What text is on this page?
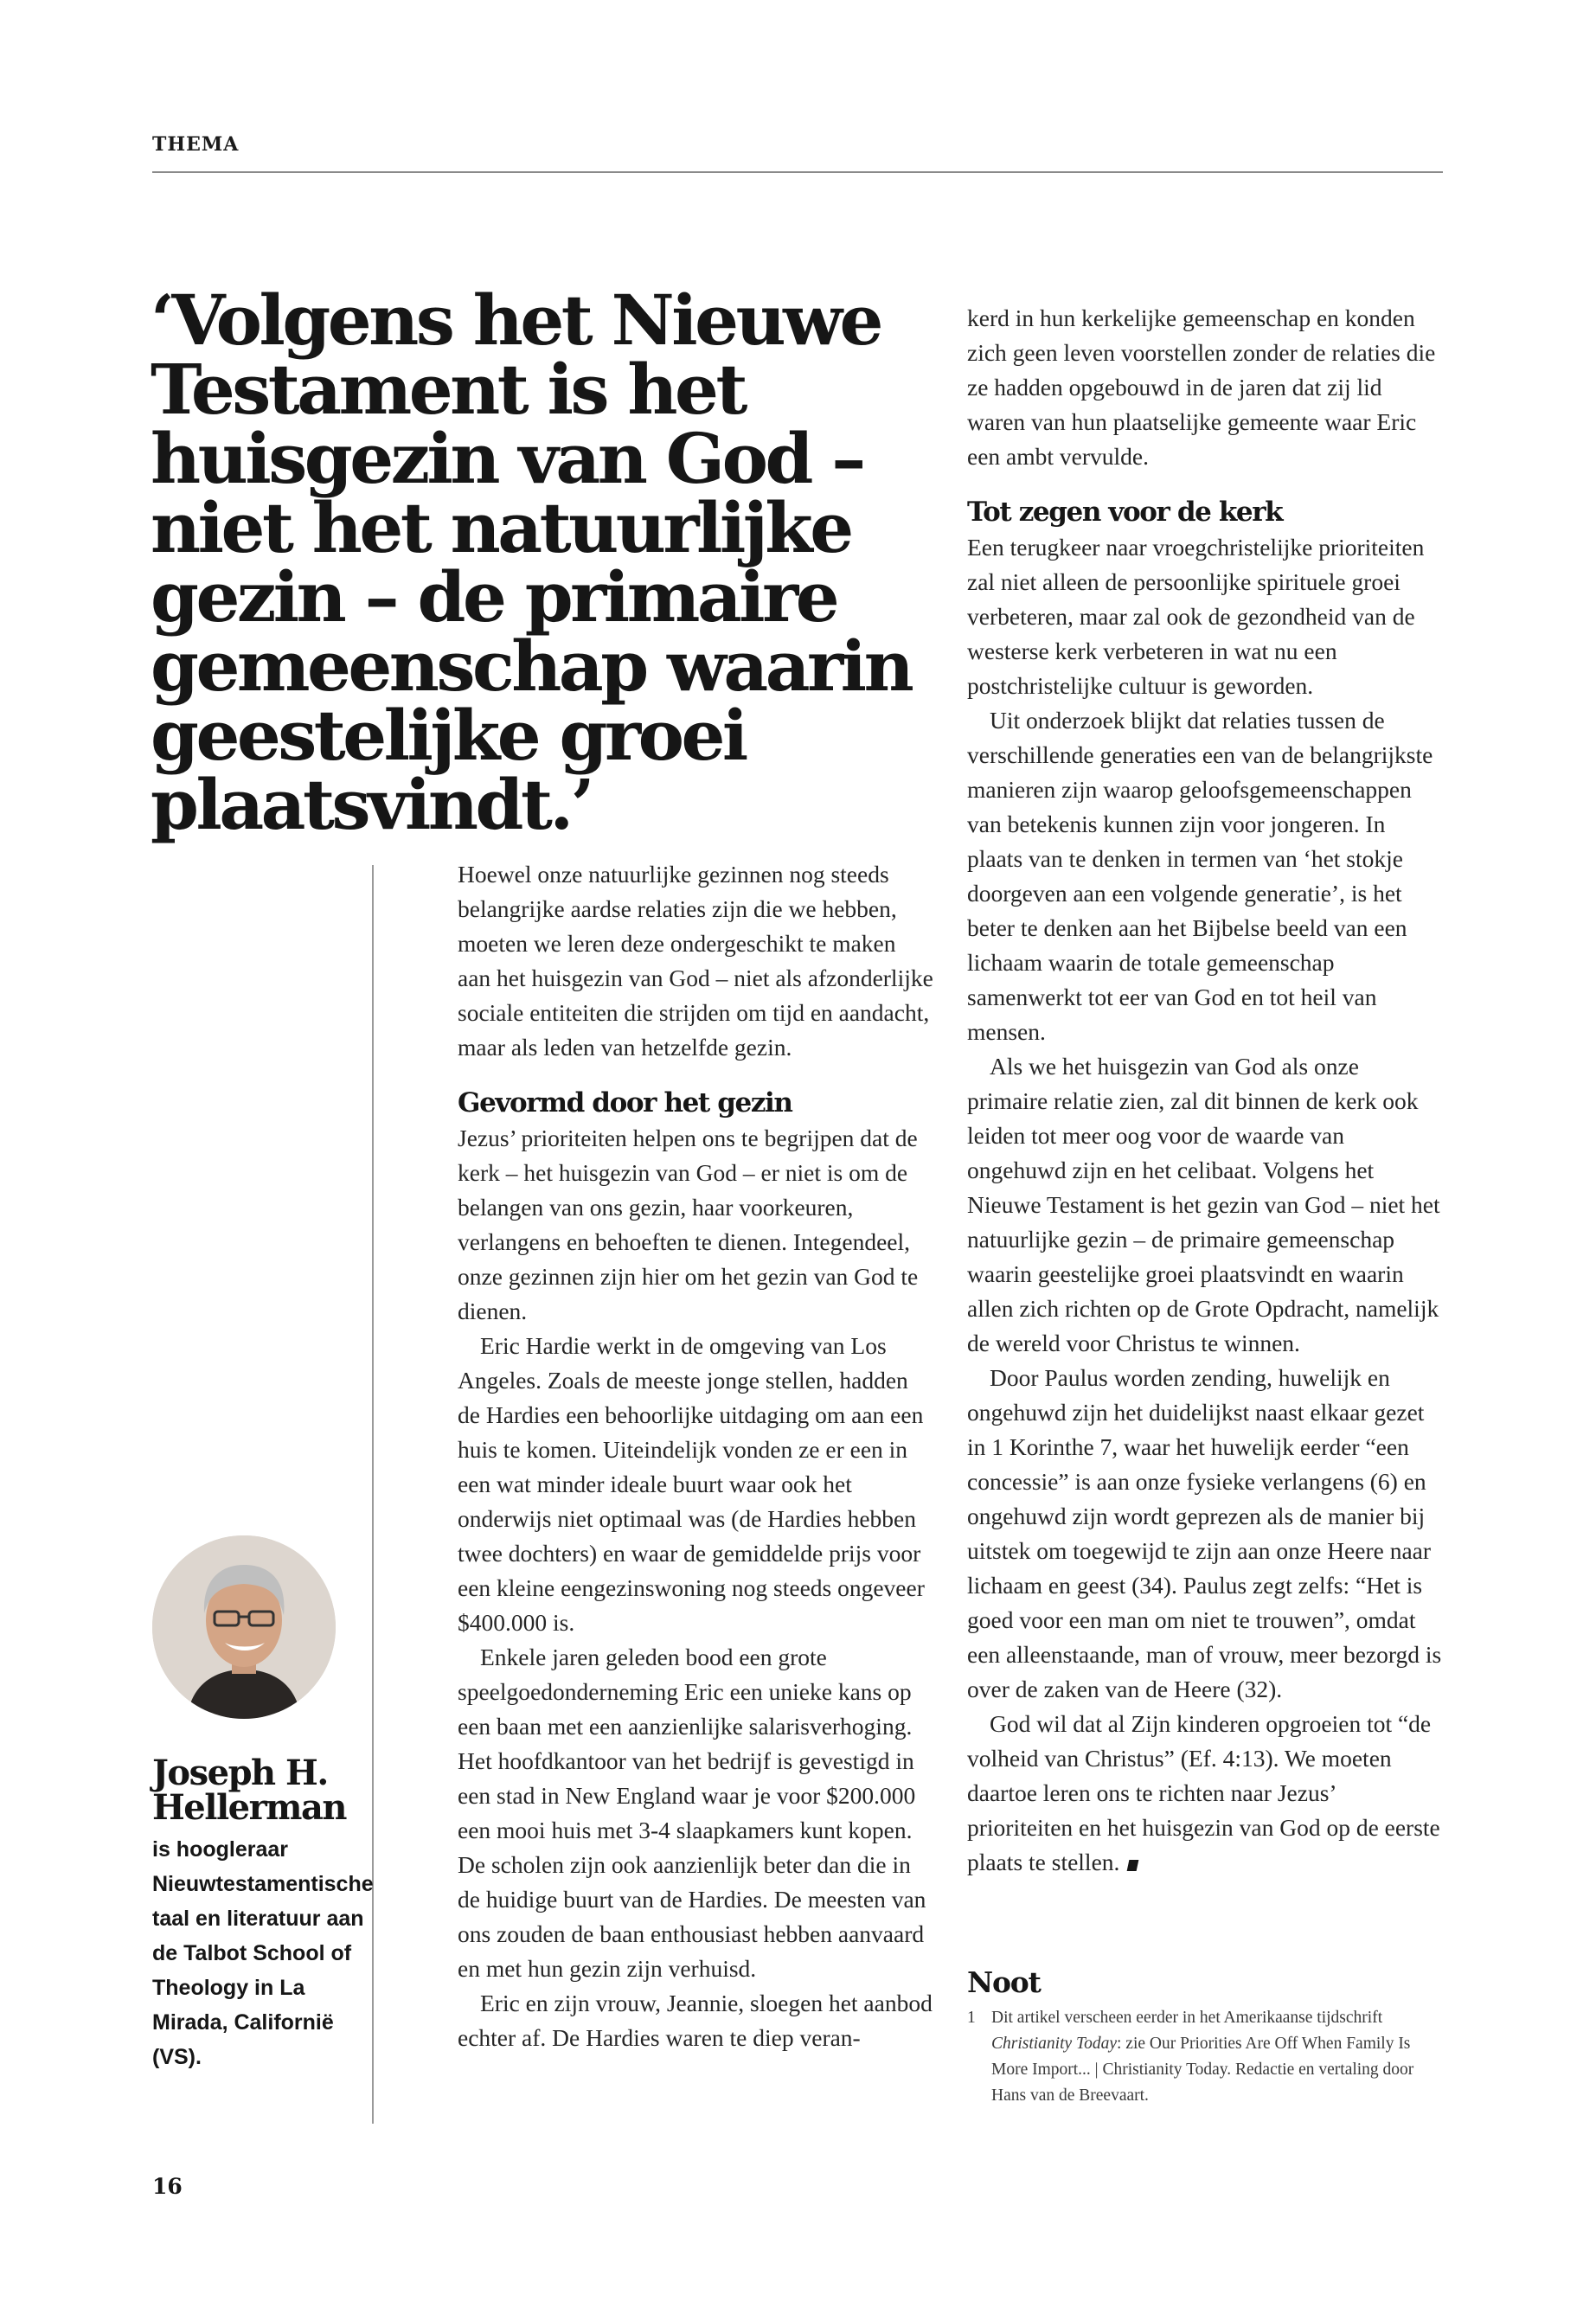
THEMA
‘Volgens het Nieuwe Testament is het huisgezin van God – niet het natuurlijke gezin – de primaire gemeenschap waarin geestelijke groei plaatsvindt.’
Joseph H.
Hellerman
is hoogleraar Nieuwtestamentische taal en literatuur aan de Talbot School of Theology in La Mirada, Californië (VS).

Hoewel onze natuurlijke gezinnen nog steeds belangrijke aardse relaties zijn die we hebben, moeten we leren deze ondergeschikt te maken aan het huisgezin van God – niet als afzonderlijke sociale entiteiten die strijden om tijd en aandacht, maar als leden van hetzelfde gezin.

Gevormd door het gezin

Jezus’ prioriteiten helpen ons te begrijpen dat de kerk – het huisgezin van God – er niet is om de belangen van ons gezin, haar voorkeuren, verlangens en behoeften te dienen. Integendeel, onze gezinnen zijn hier om het gezin van God te dienen.

Eric Hardie werkt in de omgeving van Los Angeles. Zoals de meeste jonge stellen, hadden de Hardies een behoorlijke uitdaging om aan een huis te komen. Uiteindelijk vonden ze er een in een wat minder ideale buurt waar ook het onderwijs niet optimaal was (de Hardies hebben twee dochters) en waar de gemiddelde prijs voor een kleine eengezinswoning nog steeds ongeveer $400.000 is.

Enkele jaren geleden bood een grote speelgoedonderneming Eric een unieke kans op een baan met een aanzienlijke salarisverhoging. Het hoofdkantoor van het bedrijf is gevestigd in een stad in New England waar je voor $200.000 een mooi huis met 3-4 slaapkamers kunt kopen. De scholen zijn ook aanzienlijk beter dan die in de huidige buurt van de Hardies. De meesten van ons zouden de baan enthousiast hebben aanvaard en met hun gezin zijn verhuisd.

Eric en zijn vrouw, Jeannie, sloegen het aanbod echter af. De Hardies waren te diep veran-

kerd in hun kerkelijke gemeenschap en konden zich geen leven voorstellen zonder de relaties die ze hadden opgebouwd in de jaren dat zij lid waren van hun plaatselijke gemeente waar Eric een ambt vervulde.

Tot zegen voor de kerk

Een terugkeer naar vroegchristelijke prioriteiten zal niet alleen de persoonlijke spirituele groei verbeteren, maar zal ook de gezondheid van de westerse kerk verbeteren in wat nu een postchristelijke cultuur is geworden.

Uit onderzoek blijkt dat relaties tussen de verschillende generaties een van de belangrijkste manieren zijn waarop geloofsgemeenschappen van betekenis kunnen zijn voor jongeren. In plaats van te denken in termen van ‘het stokje doorgeven aan een volgende generatie’, is het beter te denken aan het Bijbelse beeld van een lichaam waarin de totale gemeenschap samenwerkt tot eer van God en tot heil van mensen.

Als we het huisgezin van God als onze primaire relatie zien, zal dit binnen de kerk ook leiden tot meer oog voor de waarde van ongehuwd zijn en het celibaat. Volgens het Nieuwe Testament is het gezin van God – niet het natuurlijke gezin – de primaire gemeenschap waarin geestelijke groei plaatsvindt en waarin allen zich richten op de Grote Opdracht, namelijk de wereld voor Christus te winnen.

Door Paulus worden zending, huwelijk en ongehuwd zijn het duidelijkst naast elkaar gezet in 1 Korinthe 7, waar het huwelijk eerder “een concessie” is aan onze fysieke verlangens (6) en ongehuwd zijn wordt geprezen als de manier bij uitstek om toegewijd te zijn aan onze Heere naar lichaam en geest (34). Paulus zegt zelfs: “Het is goed voor een man om niet te trouwen”, omdat een alleenstaande, man of vrouw, meer bezorgd is over de zaken van de Heere (32).

God wil dat al Zijn kinderen opgroeien tot “de volheid van Christus” (Ef. 4:13). We moeten daartoe leren ons te richten naar Jezus’ prioriteiten en het huisgezin van God op de eerste plaats te stellen.

Noot
1 Dit artikel verscheen eerder in het Amerikaanse tijdschrift Christianity Today: zie Our Priorities Are Off When Family Is More Import... | Christianity Today. Redactie en vertaling door Hans van de Breevaart.
16
